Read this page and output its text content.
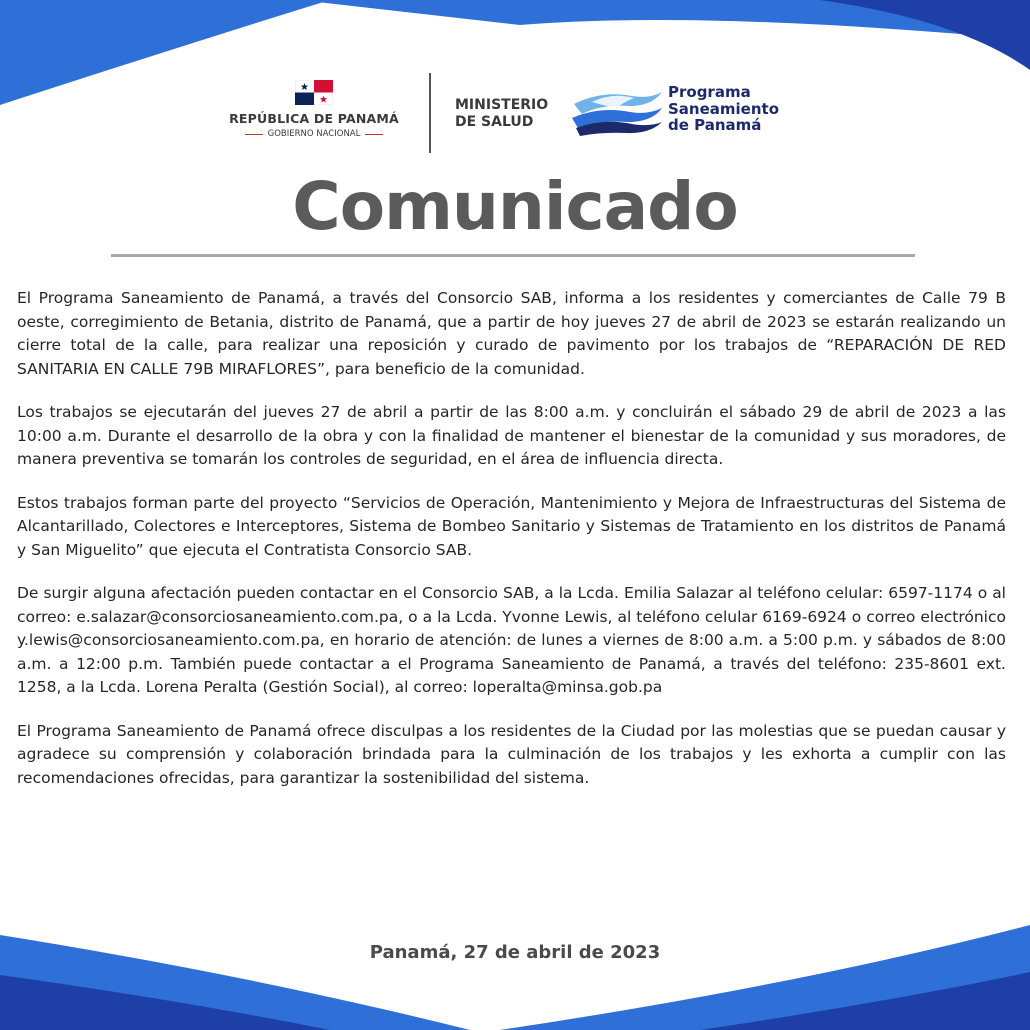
REPÚBLICA DE PANAMÁ
GOBIERNO NACIONAL
MINISTERIO
DE SALUD
Programa
Saneamiento
de Panamá
Comunicado

El Programa Saneamiento de Panamá, a través del Consorcio SAB, informa a los residentes y comerciantes de Calle 79 B oeste, corregimiento de Betania, distrito de Panamá, que a partir de hoy jueves 27 de abril de 2023 se estarán realizando un cierre total de la calle, para realizar una reposición y curado de pavimento por los trabajos de “REPARACIÓN DE RED SANITARIA EN CALLE 79B MIRAFLORES”, para beneficio de la comunidad.

Los trabajos se ejecutarán del jueves 27 de abril a partir de las 8:00 a.m. y concluirán el sábado 29 de abril de 2023 a las 10:00 a.m. Durante el desarrollo de la obra y con la finalidad de mantener el bienestar de la comunidad y sus moradores, de manera preventiva se tomarán los controles de seguridad, en el área de influencia directa.

Estos trabajos forman parte del proyecto “Servicios de Operación, Mantenimiento y Mejora de Infraestructuras del Sistema de Alcantarillado, Colectores e Interceptores, Sistema de Bombeo Sanitario y Sistemas de Tratamiento en los distritos de Panamá y San Miguelito” que ejecuta el Contratista Consorcio SAB.

De surgir alguna afectación pueden contactar en el Consorcio SAB, a la Lcda. Emilia Salazar al teléfono celular: 6597-1174 o al correo: e.salazar@consorciosaneamiento.com.pa, o a la Lcda. Yvonne Lewis, al teléfono celular 6169-6924 o correo electrónico y.lewis@consorciosaneamiento.com.pa, en horario de atención: de lunes a viernes de 8:00 a.m. a 5:00 p.m. y sábados de 8:00 a.m. a 12:00 p.m. También puede contactar a el Programa Saneamiento de Panamá, a través del teléfono: 235-8601 ext. 1258, a la Lcda. Lorena Peralta (Gestión Social), al correo: loperalta@minsa.gob.pa

El Programa Saneamiento de Panamá ofrece disculpas a los residentes de la Ciudad por las molestias que se puedan causar y agradece su comprensión y colaboración brindada para la culminación de los trabajos y les exhorta a cumplir con las recomendaciones ofrecidas, para garantizar la sostenibilidad del sistema.

Panamá, 27 de abril de 2023
